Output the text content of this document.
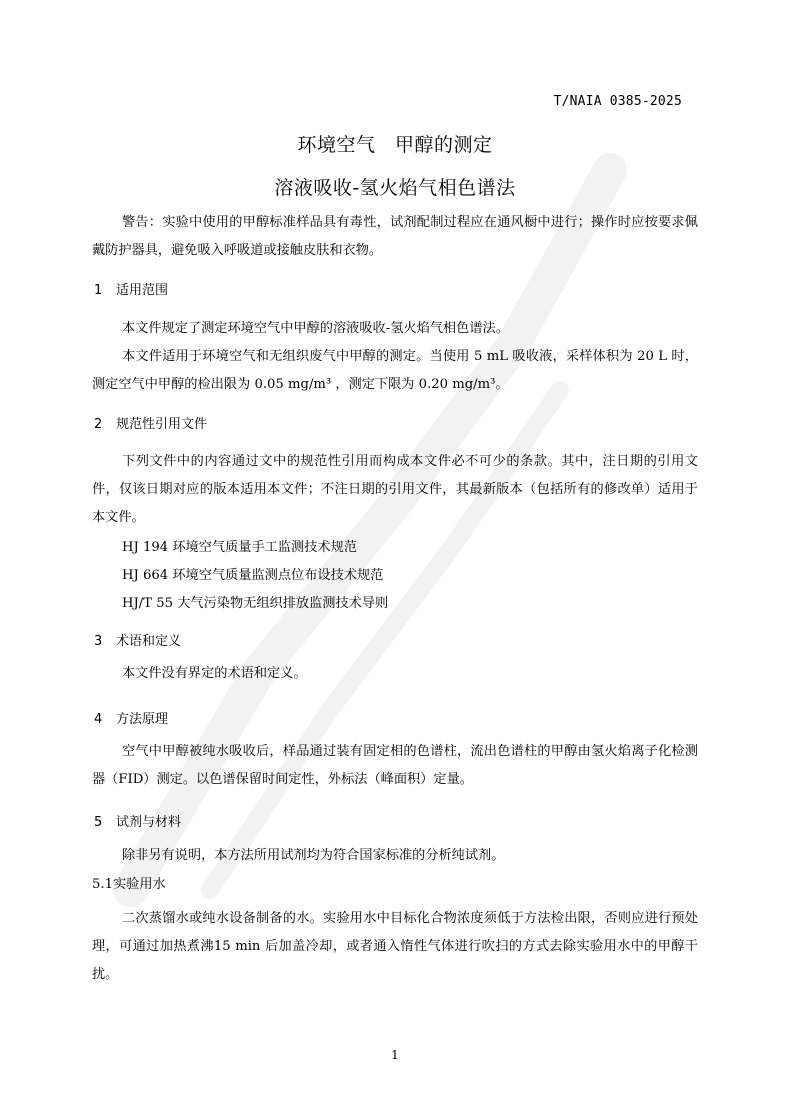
T/NAIA 0385-2025
环境空气　甲醇的测定
溶液吸收-氢火焰气相色谱法
警告：实验中使用的甲醇标准样品具有毒性，试剂配制过程应在通风橱中进行；操作时应按要求佩戴防护器具，避免吸入呼吸道或接触皮肤和衣物。
1 适用范围
本文件规定了测定环境空气中甲醇的溶液吸收-氢火焰气相色谱法。
本文件适用于环境空气和无组织废气中甲醇的测定。当使用 5 mL 吸收液，采样体积为 20 L 时，测定空气中甲醇的检出限为 0.05 mg/m³ ，测定下限为 0.20 mg/m³。
2 规范性引用文件
下列文件中的内容通过文中的规范性引用而构成本文件必不可少的条款。其中，注日期的引用文件，仅该日期对应的版本适用本文件；不注日期的引用文件，其最新版本（包括所有的修改单）适用于本文件。
HJ 194 环境空气质量手工监测技术规范
HJ 664 环境空气质量监测点位布设技术规范
HJ/T 55 大气污染物无组织排放监测技术导则
3 术语和定义
本文件没有界定的术语和定义。
4 方法原理
空气中甲醇被纯水吸收后，样品通过装有固定相的色谱柱，流出色谱柱的甲醇由氢火焰离子化检测器（FID）测定。以色谱保留时间定性，外标法（峰面积）定量。
5 试剂与材料
除非另有说明，本方法所用试剂均为符合国家标准的分析纯试剂。
5.1实验用水
二次蒸馏水或纯水设备制备的水。实验用水中目标化合物浓度须低于方法检出限，否则应进行预处理，可通过加热煮沸15 min 后加盖冷却，或者通入惰性气体进行吹扫的方式去除实验用水中的甲醇干扰。
1
